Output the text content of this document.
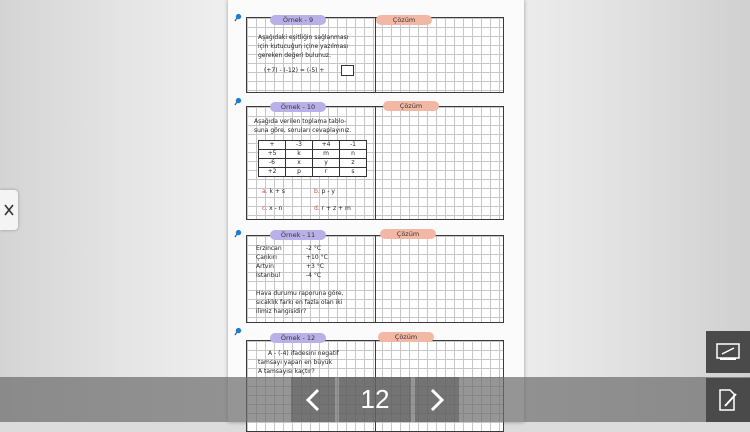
Örnek - 9	Çözüm
Aşağıdaki eşitliğin sağlanması
için kutucuğun içine yazılması
gereken değeri bulunuz.
(+7) - (-12) = (-5) +
Örnek - 10	Çözüm
Aşağıda verilen toplama tablo-
suna göre, soruları cevaplayınız.
+	-3	+4	-1
+5	k	m	n
-6	x	y	z
+2	p	r	s
a. k + s	b. p - y
c. x - n	d. r + z + m
Örnek - 11	Çözüm
Erzincan	-2 °C
Çankırı	+10 °C
Artvin	+3 °C
İstanbul	-4 °C
Hava durumu raporuna göre,
sıcaklık farkı en fazla olan iki
ilimiz hangisidir?
Örnek - 12	Çözüm
A - (-4) ifadesini negatif
tamsayı yapan en büyük
A tamsayısı kaçtır?
12
